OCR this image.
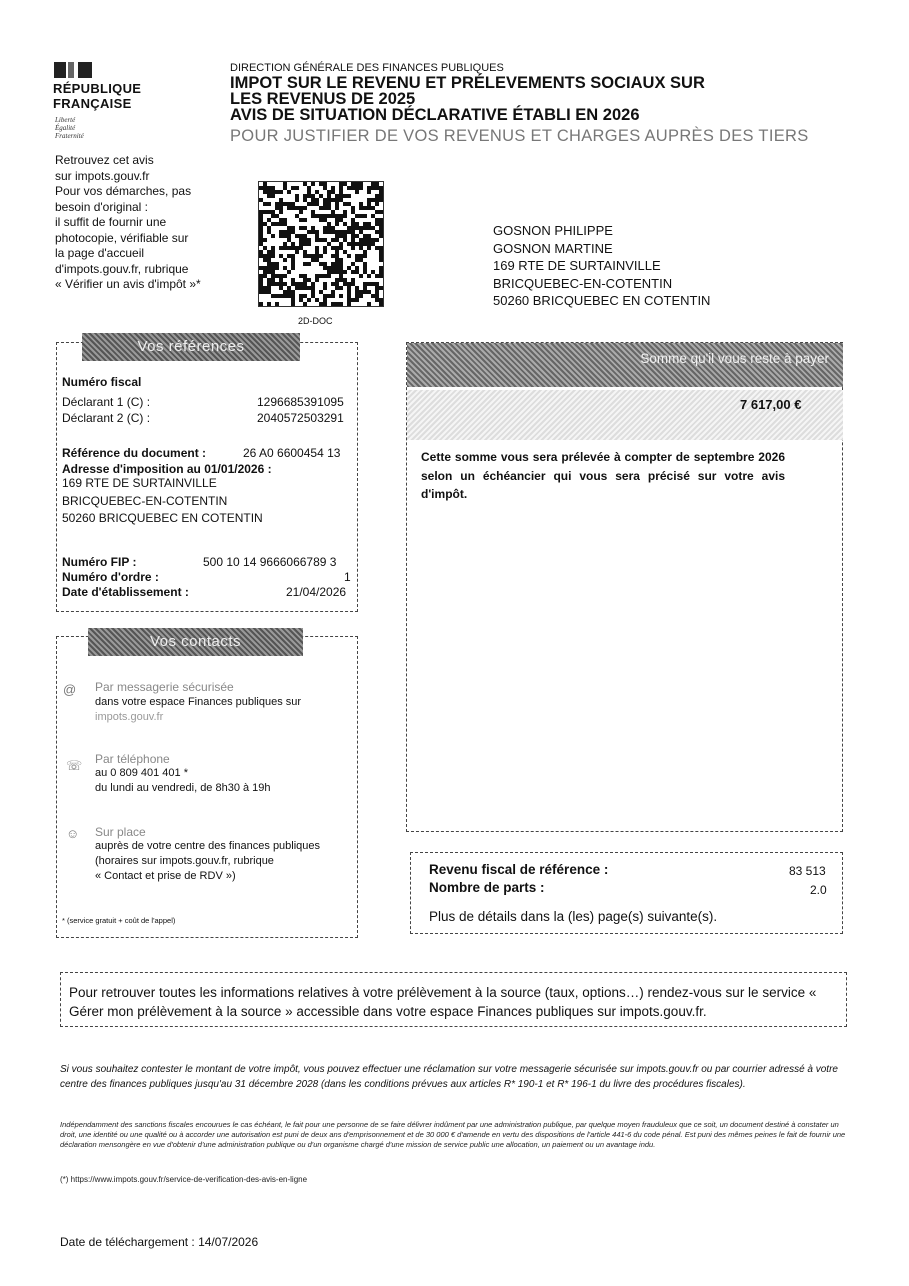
RÉPUBLIQUE
FRANÇAISE
Liberté
Égalité
Fraternité
DIRECTION GÉNÉRALE DES FINANCES PUBLIQUES
IMPOT SUR LE REVENU ET PRÉLEVEMENTS SOCIAUX SUR
LES REVENUS DE 2025
AVIS DE SITUATION DÉCLARATIVE ÉTABLI EN 2026
POUR JUSTIFIER DE VOS REVENUS ET CHARGES AUPRÈS DES TIERS
Retrouvez cet avis
sur impots.gouv.fr
Pour vos démarches, pas
besoin d'original :
il suffit de fournir une
photocopie, vérifiable sur
la page d'accueil
d'impots.gouv.fr, rubrique
« Vérifier un avis d'impôt »*
2D-DOC
GOSNON PHILIPPE
GOSNON MARTINE
169 RTE DE SURTAINVILLE
BRICQUEBEC-EN-COTENTIN
50260 BRICQUEBEC EN COTENTIN
Vos références
Numéro fiscal
Déclarant 1 (C) :	1296685391095
Déclarant 2 (C) :	2040572503291
Référence du document :	26 A0 6600454 13
Adresse d'imposition au 01/01/2026 :
169 RTE DE SURTAINVILLE
BRICQUEBEC-EN-COTENTIN
50260 BRICQUEBEC EN COTENTIN
Numéro FIP :	500 10 14 9666066789 3
Numéro d'ordre :	1
Date d'établissement :	21/04/2026
Somme qu'il vous reste à payer
7 617,00 €
Cette somme vous sera prélevée à compter de septembre 2026 selon un échéancier qui vous sera précisé sur votre avis d'impôt.
Vos contacts
@ Par messagerie sécurisée
dans votre espace Finances publiques sur
impots.gouv.fr
☏ Par téléphone
au 0 809 401 401 *
du lundi au vendredi, de 8h30 à 19h
☺ Sur place
auprès de votre centre des finances publiques
(horaires sur impots.gouv.fr, rubrique
« Contact et prise de RDV »)
* (service gratuit + coût de l'appel)
Revenu fiscal de référence :	83 513
Nombre de parts :	2.0
Plus de détails dans la (les) page(s) suivante(s).
Pour retrouver toutes les informations relatives à votre prélèvement à la source (taux, options…) rendez-vous sur le service « Gérer mon prélèvement à la source » accessible dans votre espace Finances publiques sur impots.gouv.fr.
Si vous souhaitez contester le montant de votre impôt, vous pouvez effectuer une réclamation sur votre messagerie sécurisée sur impots.gouv.fr ou par courrier adressé à votre centre des finances publiques jusqu'au 31 décembre 2028 (dans les conditions prévues aux articles R* 190-1 et R* 196-1 du livre des procédures fiscales).
Indépendamment des sanctions fiscales encourues le cas échéant, le fait pour une personne de se faire délivrer indûment par une administration publique, par quelque moyen frauduleux que ce soit, un document destiné à constater un droit, une identité ou une qualité ou à accorder une autorisation est puni de deux ans d'emprisonnement et de 30 000 € d'amende en vertu des dispositions de l'article 441-6 du code pénal. Est puni des mêmes peines le fait de fournir une déclaration mensongère en vue d'obtenir d'une administration publique ou d'un organisme chargé d'une mission de service public une allocation, un paiement ou un avantage indu.
(*) https://www.impots.gouv.fr/service-de-verification-des-avis-en-ligne
Date de téléchargement : 14/07/2026
